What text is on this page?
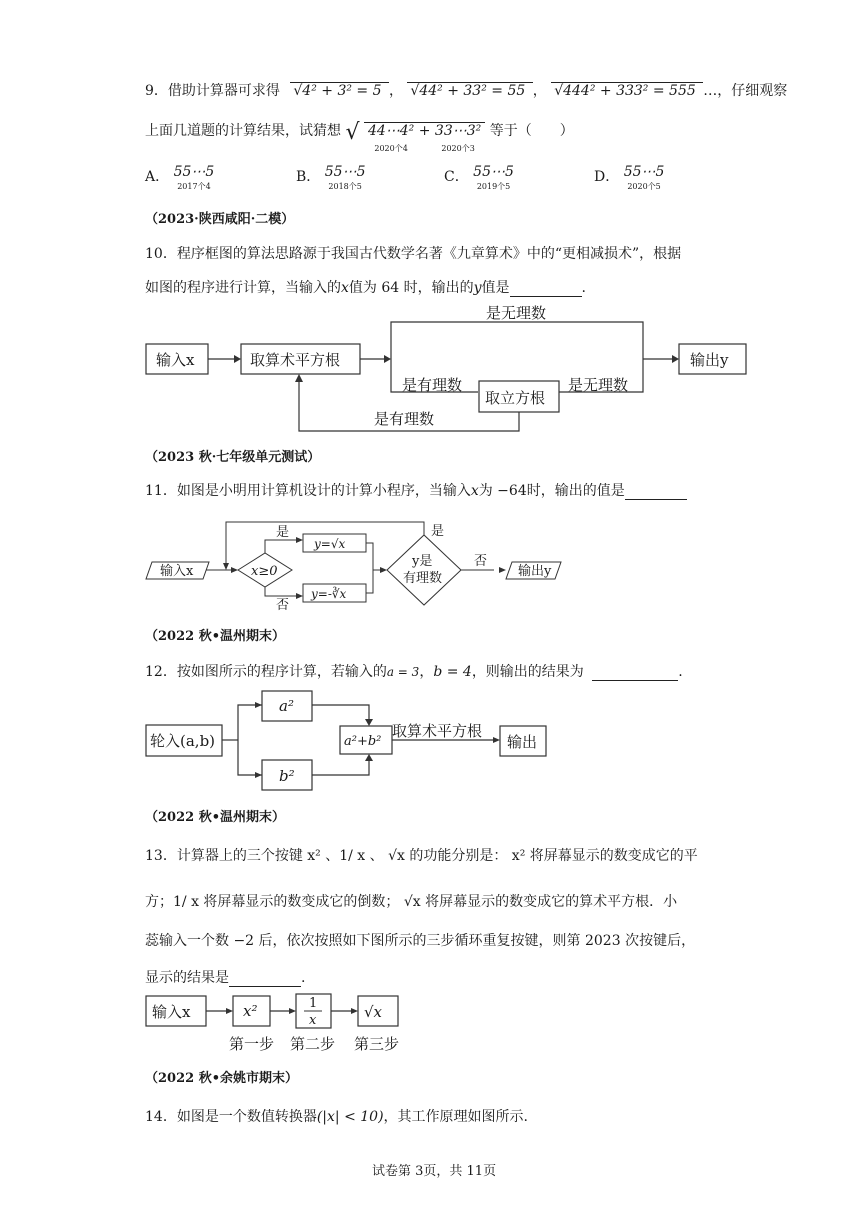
9．借助计算器可求得 √4² + 3² = 5 ， √44² + 33² = 55 ， √444² + 333² = 555 …，仔细观察
上面几道题的计算结果，试猜想 √ 44⋯4²
2020个4 + 33⋯3²
2020个3 等于（　　）
A． 55⋯5
2017个4
B． 55⋯5
2018个5
C． 55⋯5
2019个5
D． 55⋯5
2020个5
（2023·陕西咸阳·二模）
10．程序框图的算法思路源于我国古代数学名著《九章算术》中的“更相减损术”，根据
如图的程序进行计算，当输入的x值为 64 时，输出的y值是	.
输入x	取算术平方根
是无理数
是有理数
取立方根
是无理数
是有理数
输出y
（2023 秋·七年级单元测试）
11．如图是小明用计算机设计的计算小程序，当输入x为 −64时，输出的值是
输入x	x≥0
是
否
y=√x
y=-∛x
y是
有理数
是
否
输出y
（2022 秋•温州期末）
12．按如图所示的程序计算，若输入的a = 3，b = 4，则输出的结果为	.
轮入(a,b)
a²
b²
a²+b²
取算术平方根
输出
（2022 秋•温州期末）
13．计算器上的三个按键 x² 、1/ x 、 √x 的功能分别是： x² 将屏幕显示的数变成它的平
方；1/ x 将屏幕显示的数变成它的倒数； √x 将屏幕显示的数变成它的算术平方根．小
蕊输入一个数 −2 后，依次按照如下图所示的三步循环重复按键，则第 2023 次按键后，
显示的结果是	.
输入x	x²	1
x	√x
第一步 第二步 第三步
（2022 秋•余姚市期末）
14．如图是一个数值转换器(|x| < 10)，其工作原理如图所示.
试卷第 3页，共 11页
